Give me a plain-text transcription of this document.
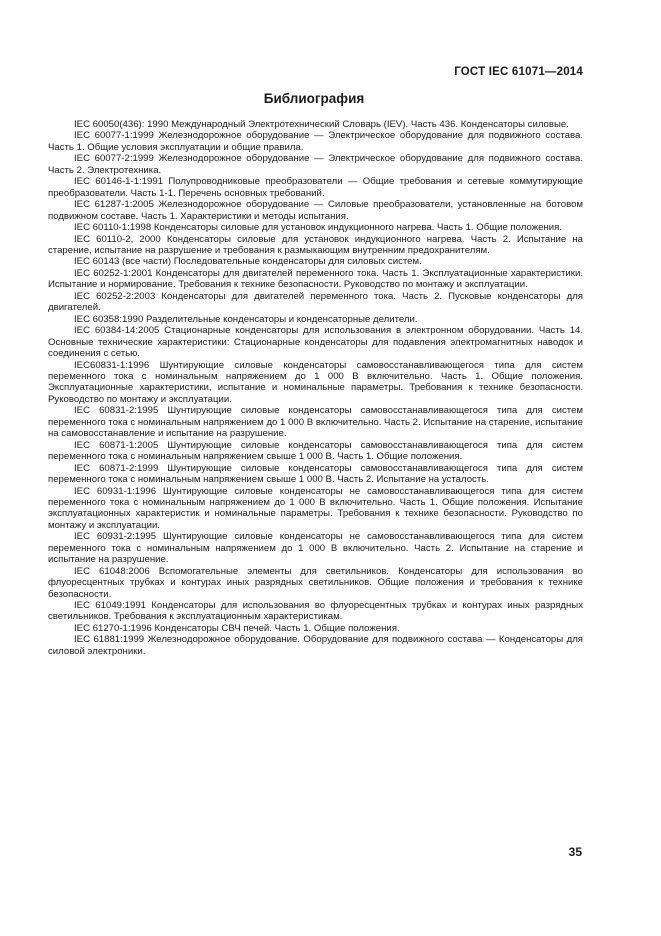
ГОСТ IEC 61071—2014
Библиография

IEC 60050(436): 1990 Международный Электротехнический Словарь (IEV). Часть 436. Конденсаторы силовые.

IEC 60077-1:1999 Железнодорожное оборудование — Электрическое оборудование для подвижного состава. Часть 1. Общие условия эксплуатации и общие правила.

IEC 60077-2:1999 Железнодорожное оборудование — Электрическое оборудование для подвижного состава. Часть 2. Электротехника.

IEC 60146-1-1:1991 Полупроводниковые преобразователи — Общие требования и сетевые коммутирующие преобразователи. Часть 1-1. Перечень основных требований.

IEC 61287-1:2005 Железнодорожное оборудование — Силовые преобразователи, установленные на ботовом подвижном составе. Часть 1. Характеристики и методы испытания.

IEC 60110-1:1998 Конденсаторы силовые для установок индукционного нагрева. Часть 1. Общие положения.

IEC 60110-2, 2000 Конденсаторы силовые для установок индукционного нагрева. Часть 2. Испытание на старение, испытание на разрушение и требования к размыкающим внутренним предохранителям.

IEC 60143 (все части) Последовательные конденсаторы для силовых систем.

IEC 60252-1:2001 Конденсаторы для двигателей переменного тока. Часть 1. Эксплуатационные характеристики. Испытание и нормирование. Требования к технике безопасности. Руководство по монтажу и эксплуатации.

IEC 60252-2:2003 Конденсаторы для двигателей переменного тока. Часть 2. Пусковые конденсаторы для двигателей.

IEC 60358:1990 Разделительные конденсаторы и конденсаторные делители.

IEC 60384-14:2005 Стационарные конденсаторы для использования в электронном оборудовании. Часть 14. Основные технические характеристики: Стационарные конденсаторы для подавления электромагнитных наводок и соединения с сетью.

IEC60831-1:1996 Шунтирующие силовые конденсаторы самовосстанавливающегося типа для систем переменного тока с номинальным напряжением до 1 000 В включительно. Часть 1. Общие положения. Эксплуатационные характеристики, испытание и номинальные параметры. Требования к технике безопасности. Руководство по монтажу и эксплуатации.

IEC 60831-2:1995 Шунтирующие силовые конденсаторы самовосстанавливающегося типа для систем переменного тока с номинальным напряжением до 1 000 В включительно. Часть 2. Испытание на старение, испытание на самовосстанавление и испытание на разрушение.

IEC 60871-1:2005 Шунтирующие силовые конденсаторы самовосстанавливающегося типа для систем переменного тока с номинальным напряжением свыше 1 000 В. Часть 1. Общие положения.

IEC 60871-2:1999 Шунтирующие силовые конденсаторы самовосстанавливающегося типа для систем переменного тока с номинальным напряжением свыше 1 000 В. Часть 2. Испытание на усталость.

IEC 60931-1:1996 Шунтирующие силовые конденсаторы не самовосстанавливающегося типа для систем переменного тока с номинальным напряжением до 1 000 В включительно. Часть 1. Общие положения. Испытание эксплуатационных характеристик и номинальные параметры. Требования к технике безопасности. Руководство по монтажу и эксплуатации.

IEC 60931-2:1995 Шунтирующие силовые конденсаторы не самовосстанавливающегося типа для систем переменного тока с номинальным напряжением до 1 000 В включительно. Часть 2. Испытание на старение и испытание на разрушение.

IEC 61048:2006 Вспомогательные элементы для светильников. Конденсаторы для использования во флуоресцентных трубках и контурах иных разрядных светильников. Общие положения и требования к технике безопасности.

IEC 61049:1991 Конденсаторы для использования во флуоресцентных трубках и контурах иных разрядных светильников. Требования к эксплуатационным характеристикам.

IEC 61270-1:1996 Конденсаторы СВЧ печей. Часть 1. Общие положения.

IEC 61881:1999 Железнодорожное оборудование. Оборудование для подвижного состава — Конденсаторы для силовой электроники.

35
